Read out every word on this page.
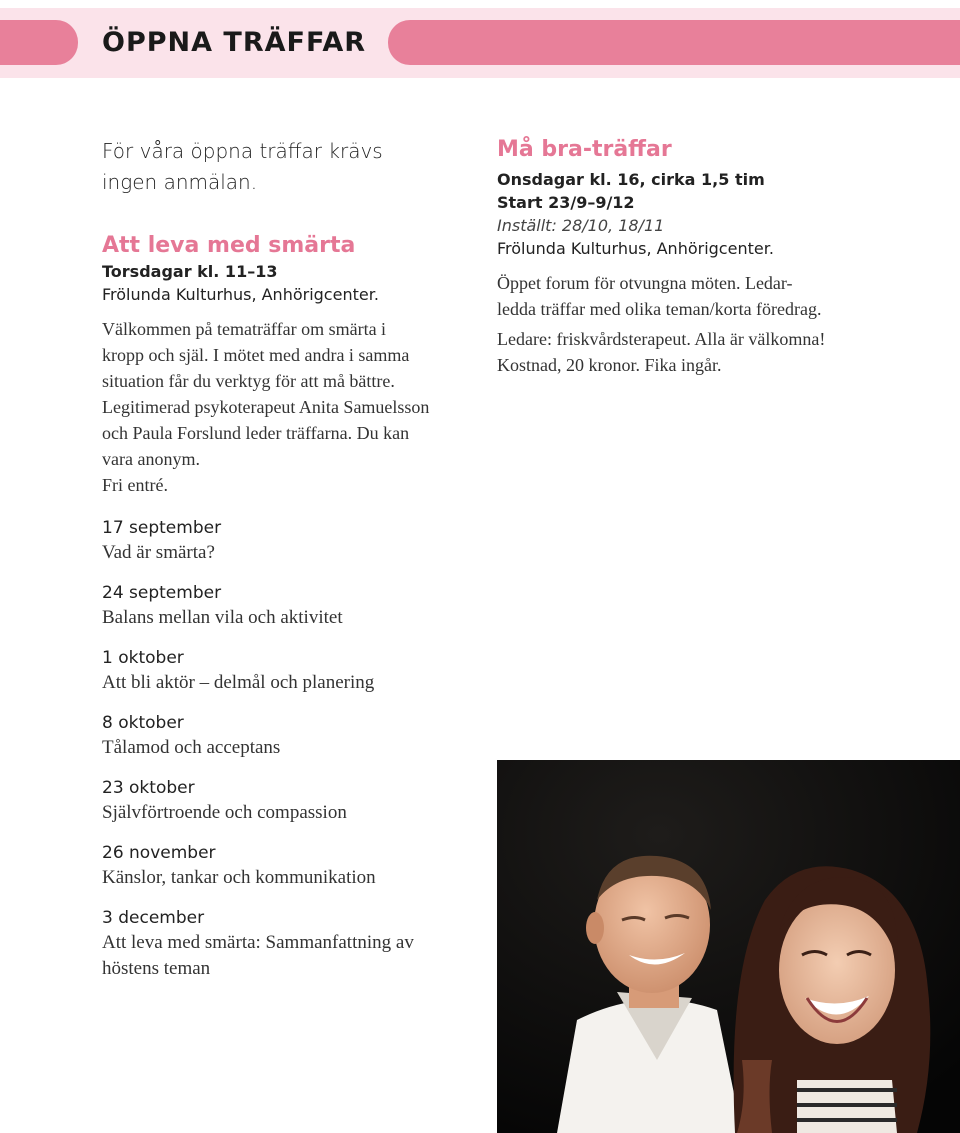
ÖPPNA TRÄFFAR

För våra öppna träffar krävs

ingen anmälan.

Att leva med smärta

Torsdagar kl. 11–13

Frölunda Kulturhus, Anhörigcenter.

Välkommen på tematräffar om smärta i

kropp och själ. I mötet med andra i samma

situation får du verktyg för att må bättre.

Legitimerad psykoterapeut Anita Samuelsson

och Paula Forslund leder träffarna. Du kan

vara anonym.

Fri entré.

17 september

Vad är smärta?

24 september

Balans mellan vila och aktivitet

1 oktober

Att bli aktör – delmål och planering

8 oktober

Tålamod och acceptans

23 oktober

Självförtroende och compassion

26 november

Känslor, tankar och kommunikation

3 december

Att leva med smärta: Sammanfattning av höstens teman

Må bra-träffar

Onsdagar kl. 16, cirka 1,5 tim

Start 23/9–9/12

Inställt: 28/10, 18/11

Frölunda Kulturhus, Anhörigcenter.

Öppet forum för otvungna möten. Ledar-

ledda träffar med olika teman/korta föredrag.

Ledare: friskvårdsterapeut. Alla är välkomna!

Kostnad, 20 kronor. Fika ingår.
